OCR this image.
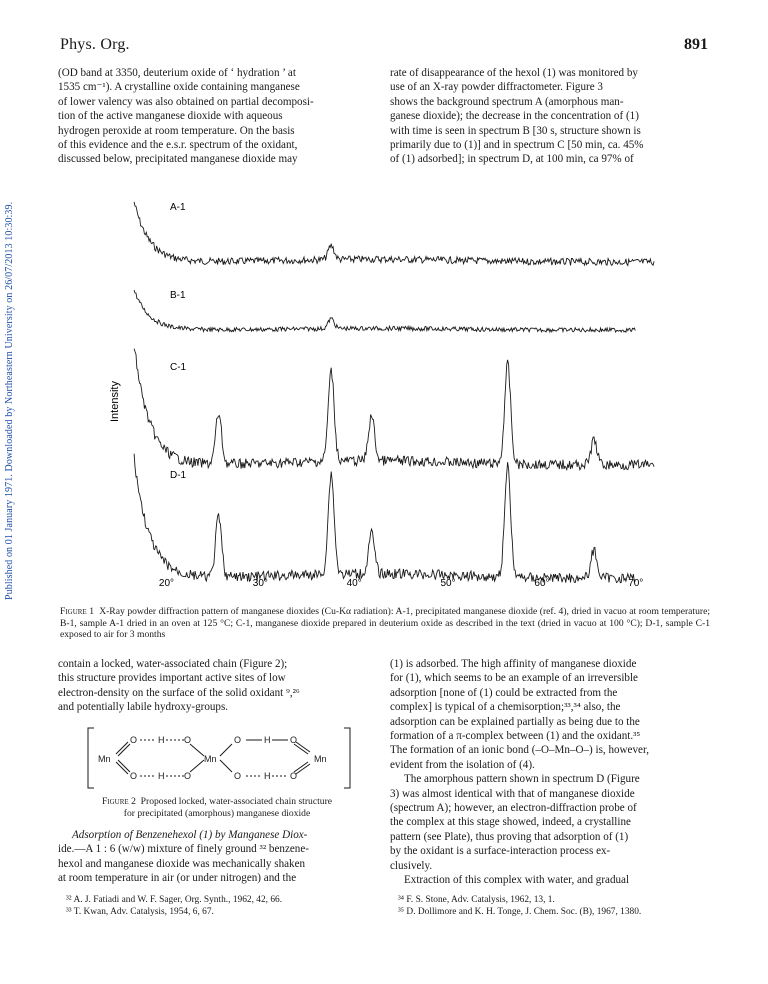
Phys. Org.	891
Published on 01 January 1971. Downloaded by Northeastern University on 26/07/2013 10:30:39.
(OD band at 3350, deuterium oxide of ‘ hydration ’ at
1535 cm⁻¹). A crystalline oxide containing manganese
of lower valency was also obtained on partial decomposi-
tion of the active manganese dioxide with aqueous
hydrogen peroxide at room temperature. On the basis
of this evidence and the e.s.r. spectrum of the oxidant,
discussed below, precipitated manganese dioxide may
rate of disappearance of the hexol (1) was monitored by
use of an X-ray powder diffractometer. Figure 3
shows the background spectrum A (amorphous man-
ganese dioxide); the decrease in the concentration of (1)
with time is seen in spectrum B [30 s, structure shown is
primarily due to (1)] and in spectrum C [50 min, ca. 45%
of (1) adsorbed]; in spectrum D, at 100 min, ca 97% of
Intensity
A-1
B-1
C-1
D-1
20°	30°	40°	50°	60°	70°
Figure 1 X-Ray powder diffraction pattern of manganese dioxides (Cu-Kα radiation): A-1, precipitated manganese dioxide (ref. 4), dried in vacuo at room temperature; B-1, sample A-1 dried in an oven at 125 °C; C-1, manganese dioxide prepared in deuterium oxide as described in the text (dried in vacuo at 100 °C); D-1, sample C-1 exposed to air for 3 months
contain a locked, water-associated chain (Figure 2);
this structure provides important active sites of low
electron-density on the surface of the solid oxidant ⁹,²⁶
and potentially labile hydroxy-groups.
Mn
O H O
O H O
Mn
O	H O
O	H O
Mn
Figure 2 Proposed locked, water-associated chain structure
for precipitated (amorphous) manganese dioxide
Adsorption of Benzenehexol (1) by Manganese Diox-
ide.—A 1 : 6 (w/w) mixture of finely ground ³² benzene-
hexol and manganese dioxide was mechanically shaken
at room temperature in air (or under nitrogen) and the
(1) is adsorbed. The high affinity of manganese dioxide
for (1), which seems to be an example of an irreversible
adsorption [none of (1) could be extracted from the
complex] is typical of a chemisorption;³³,³⁴ also, the
adsorption can be explained partially as being due to the
formation of a π-complex between (1) and the oxidant.³⁵
The formation of an ionic bond (–O–Mn–O–) is, however,
evident from the isolation of (4).
The amorphous pattern shown in spectrum D (Figure
3) was almost identical with that of manganese dioxide
(spectrum A); however, an electron-diffraction probe of
the complex at this stage showed, indeed, a crystalline
pattern (see Plate), thus proving that adsorption of (1)
by the oxidant is a surface-interaction process ex-
clusively.
Extraction of this complex with water, and gradual
³² A. J. Fatiadi and W. F. Sager, Org. Synth., 1962, 42, 66.
³³ T. Kwan, Adv. Catalysis, 1954, 6, 67.
³⁴ F. S. Stone, Adv. Catalysis, 1962, 13, 1.
³⁵ D. Dollimore and K. H. Tonge, J. Chem. Soc. (B), 1967, 1380.
